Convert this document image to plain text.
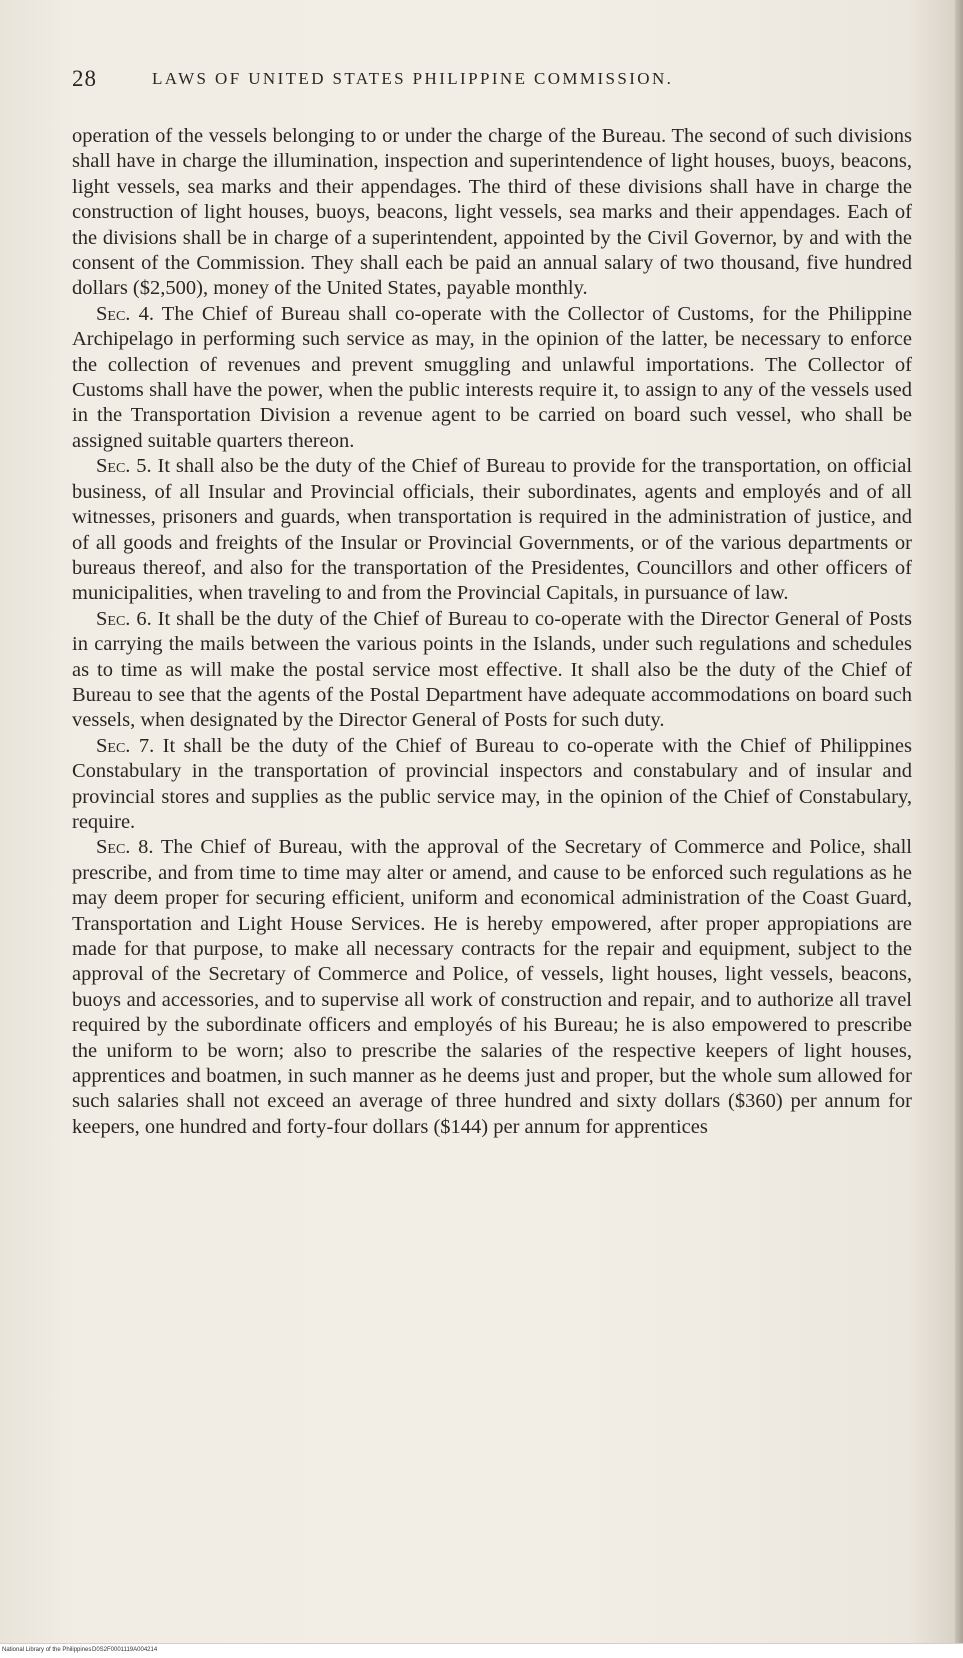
28	LAWS OF UNITED STATES PHILIPPINE COMMISSION.

operation of the vessels belonging to or under the charge of the Bureau. The second of such divisions shall have in charge the illumination, inspection and superintendence of light houses, buoys, beacons, light vessels, sea marks and their appendages. The third of these divisions shall have in charge the construction of light houses, buoys, beacons, light vessels, sea marks and their appendages. Each of the divisions shall be in charge of a superintendent, appointed by the Civil Governor, by and with the consent of the Commission. They shall each be paid an annual salary of two thousand, five hundred dollars ($2,500), money of the United States, payable monthly.

Sec. 4. The Chief of Bureau shall co-operate with the Collector of Customs, for the Philippine Archipelago in performing such service as may, in the opinion of the latter, be necessary to enforce the collection of revenues and prevent smuggling and unlawful importations. The Collector of Customs shall have the power, when the public interests require it, to assign to any of the vessels used in the Transportation Division a revenue agent to be carried on board such vessel, who shall be assigned suitable quarters thereon.

Sec. 5. It shall also be the duty of the Chief of Bureau to provide for the transportation, on official business, of all Insular and Provincial officials, their subordinates, agents and employés and of all witnesses, prisoners and guards, when transportation is required in the administration of justice, and of all goods and freights of the Insular or Provincial Governments, or of the various departments or bureaus thereof, and also for the transportation of the Presidentes, Councillors and other officers of municipalities, when traveling to and from the Provincial Capitals, in pursuance of law.

Sec. 6. It shall be the duty of the Chief of Bureau to co-operate with the Director General of Posts in carrying the mails between the various points in the Islands, under such regulations and schedules as to time as will make the postal service most effective. It shall also be the duty of the Chief of Bureau to see that the agents of the Postal Department have adequate accommodations on board such vessels, when designated by the Director General of Posts for such duty.

Sec. 7. It shall be the duty of the Chief of Bureau to co-operate with the Chief of Philippines Constabulary in the transportation of provincial inspectors and constabulary and of insular and provincial stores and supplies as the public service may, in the opinion of the Chief of Constabulary, require.

Sec. 8. The Chief of Bureau, with the approval of the Secretary of Commerce and Police, shall prescribe, and from time to time may alter or amend, and cause to be enforced such regulations as he may deem proper for securing efficient, uniform and economical administration of the Coast Guard, Transportation and Light House Services. He is hereby empowered, after proper appropiations are made for that purpose, to make all necessary contracts for the repair and equipment, subject to the approval of the Secretary of Commerce and Police, of vessels, light houses, light vessels, beacons, buoys and accessories, and to supervise all work of construction and repair, and to authorize all travel required by the subordinate officers and employés of his Bureau; he is also empowered to prescribe the uniform to be worn; also to prescribe the salaries of the respective keepers of light houses, apprentices and boatmen, in such manner as he deems just and proper, but the whole sum allowed for such salaries shall not exceed an average of three hundred and sixty dollars ($360) per annum for keepers, one hundred and forty-four dollars ($144) per annum for apprentices

National Library of the Philippines D0S2F0001119A004214
